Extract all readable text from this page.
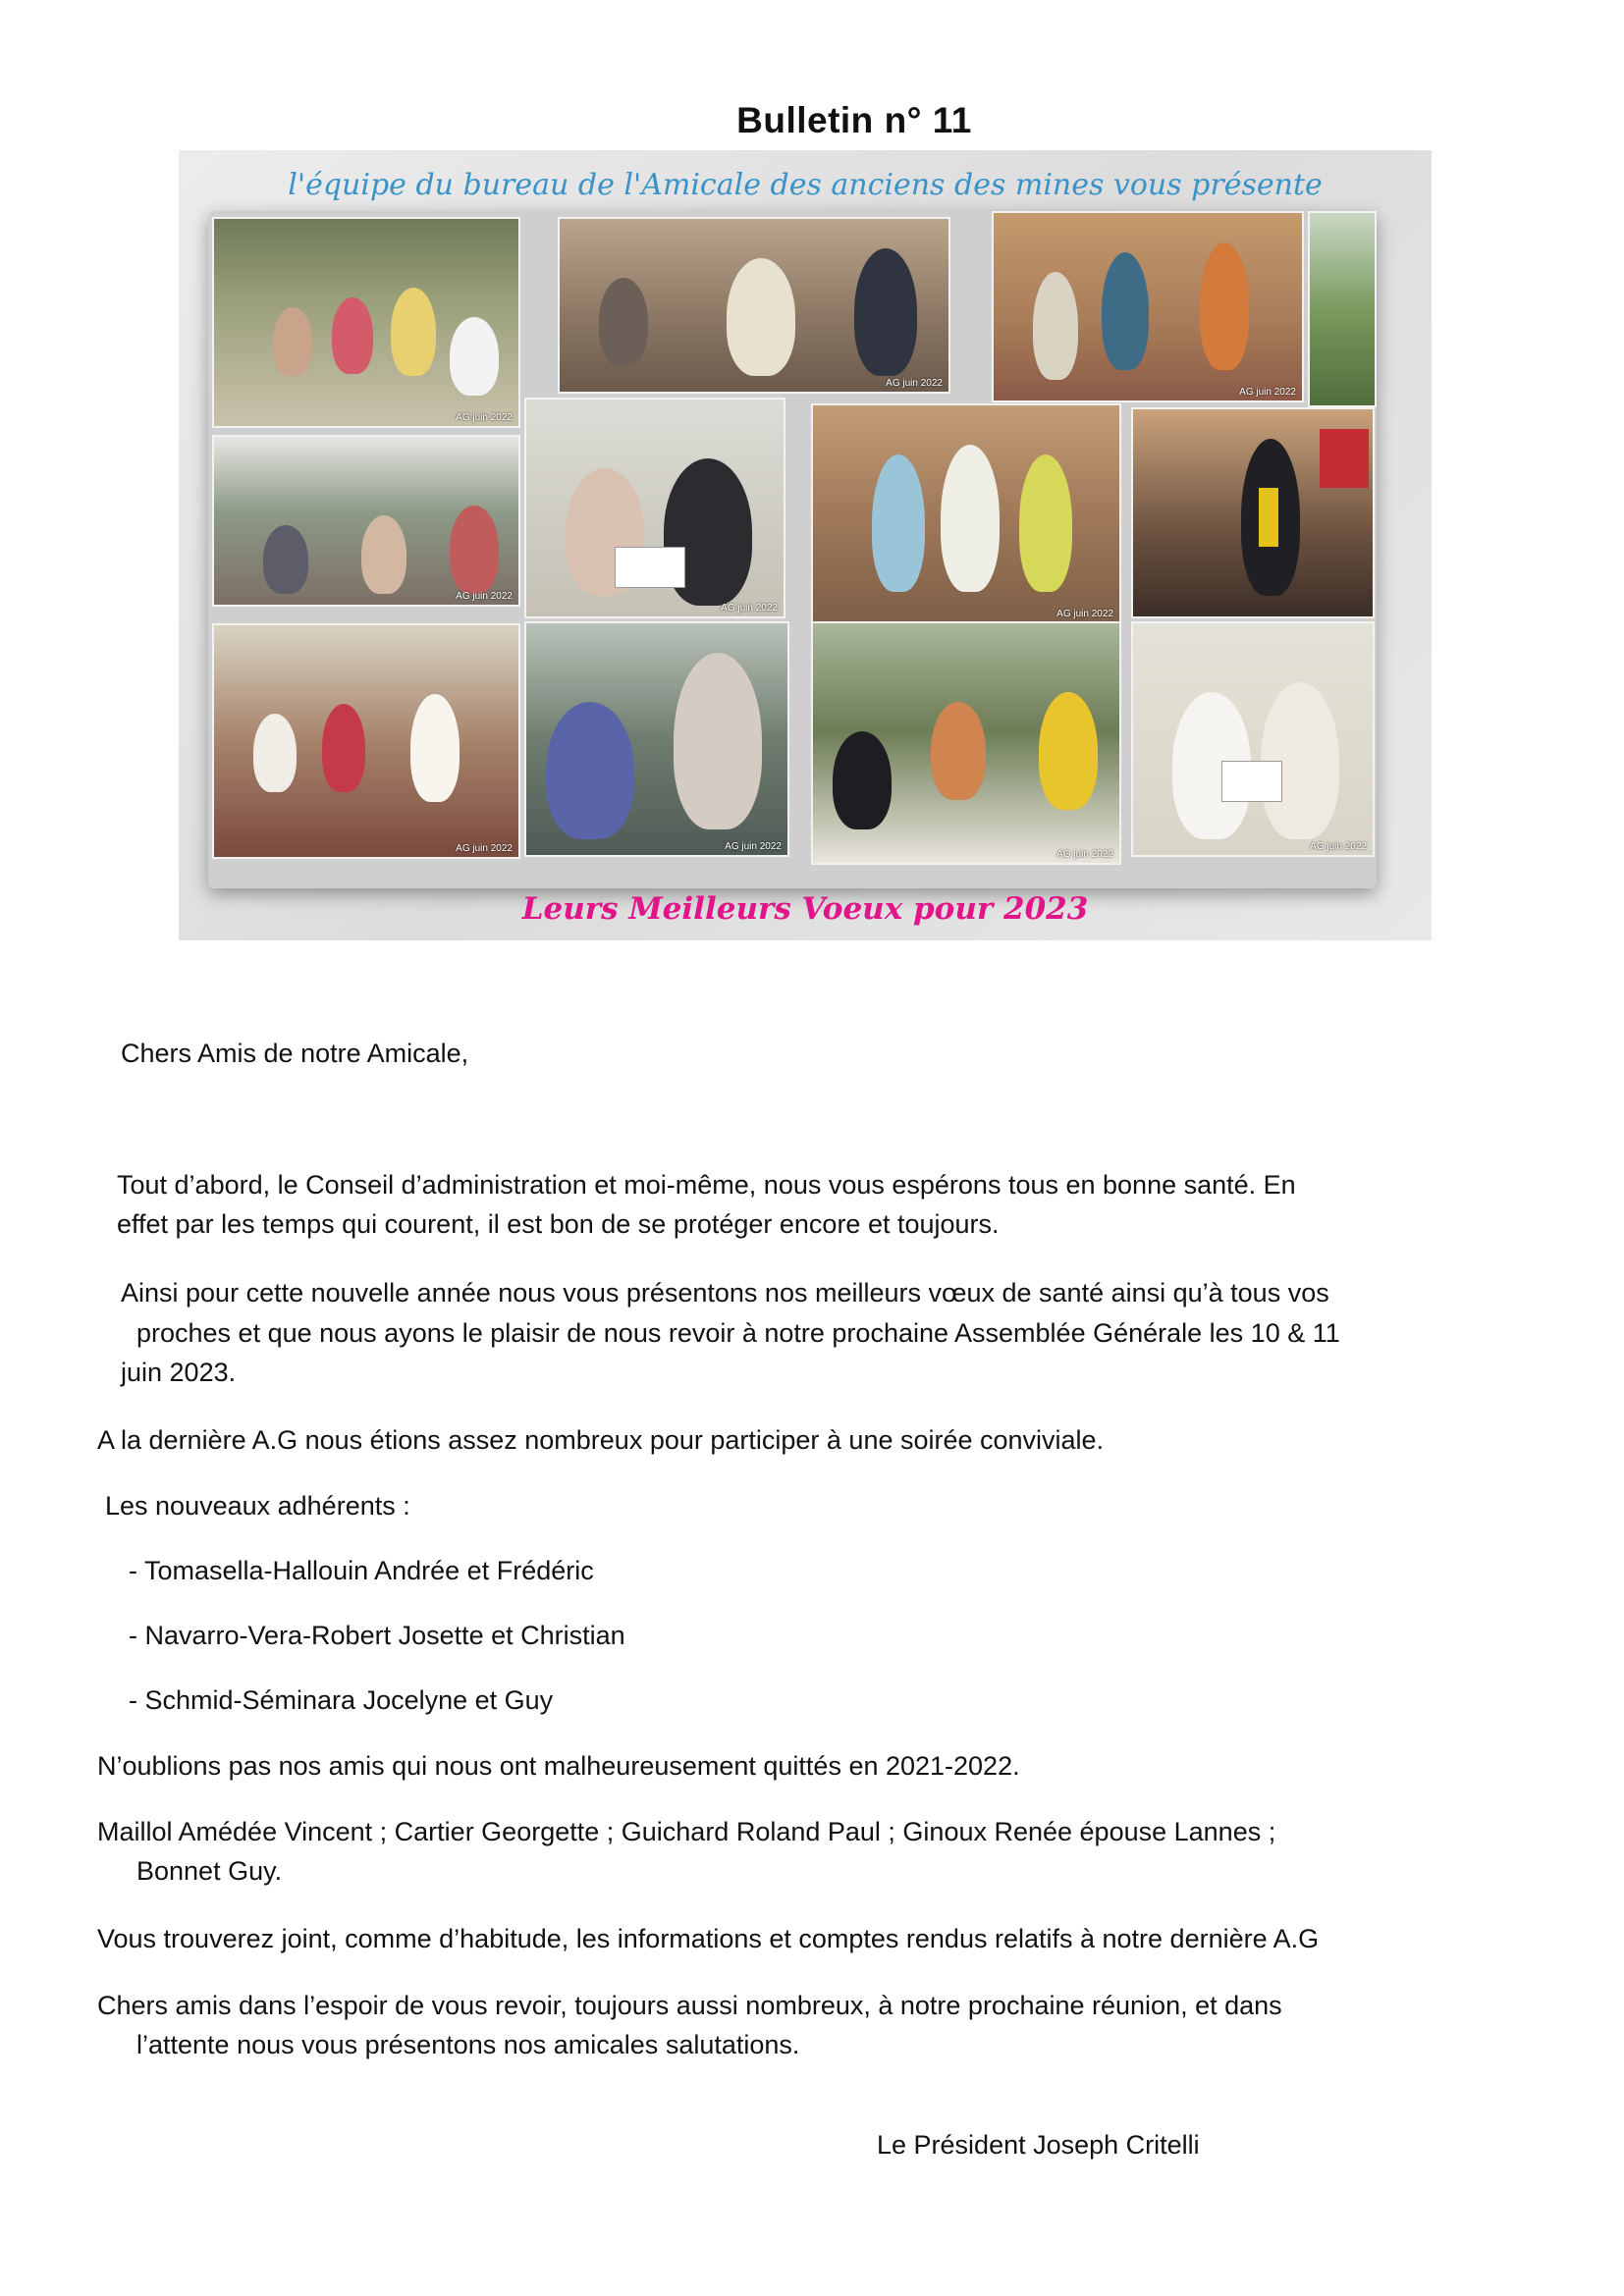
Bulletin n° 11
l'équipe du bureau de l'Amicale des anciens des mines vous présente
AG juin 2022
AG juin 2022
AG juin 2022
AG juin 2022
AG juin 2022
AG juin 2022
AG juin 2022	AG juin 2022
AG juin 2022
AG juin 2022
Leurs Meilleurs Voeux pour 2023

Chers Amis de notre Amicale,

Tout d’abord, le Conseil d’administration et moi-même, nous vous espérons tous en bonne santé. En

effet par les temps qui courent, il est bon de se protéger encore et toujours.

Ainsi pour cette nouvelle année nous vous présentons nos meilleurs vœux de santé ainsi qu’à tous vos

proches et que nous ayons le plaisir de nous revoir à notre prochaine Assemblée Générale les 10 & 11

juin 2023.

A la dernière A.G nous étions assez nombreux pour participer à une soirée conviviale.

Les nouveaux adhérents :

- Tomasella-Hallouin Andrée et Frédéric

- Navarro-Vera-Robert Josette et Christian

- Schmid-Séminara Jocelyne et Guy

N’oublions pas nos amis qui nous ont malheureusement quittés en 2021-2022.

Maillol Amédée Vincent ; Cartier Georgette ; Guichard Roland Paul ; Ginoux Renée épouse Lannes ;

Bonnet Guy.

Vous trouverez joint, comme d’habitude, les informations et comptes rendus relatifs à notre dernière A.G

Chers amis dans l’espoir de vous revoir, toujours aussi nombreux, à notre prochaine réunion, et dans

l’attente nous vous présentons nos amicales salutations.

Le Président Joseph Critelli
